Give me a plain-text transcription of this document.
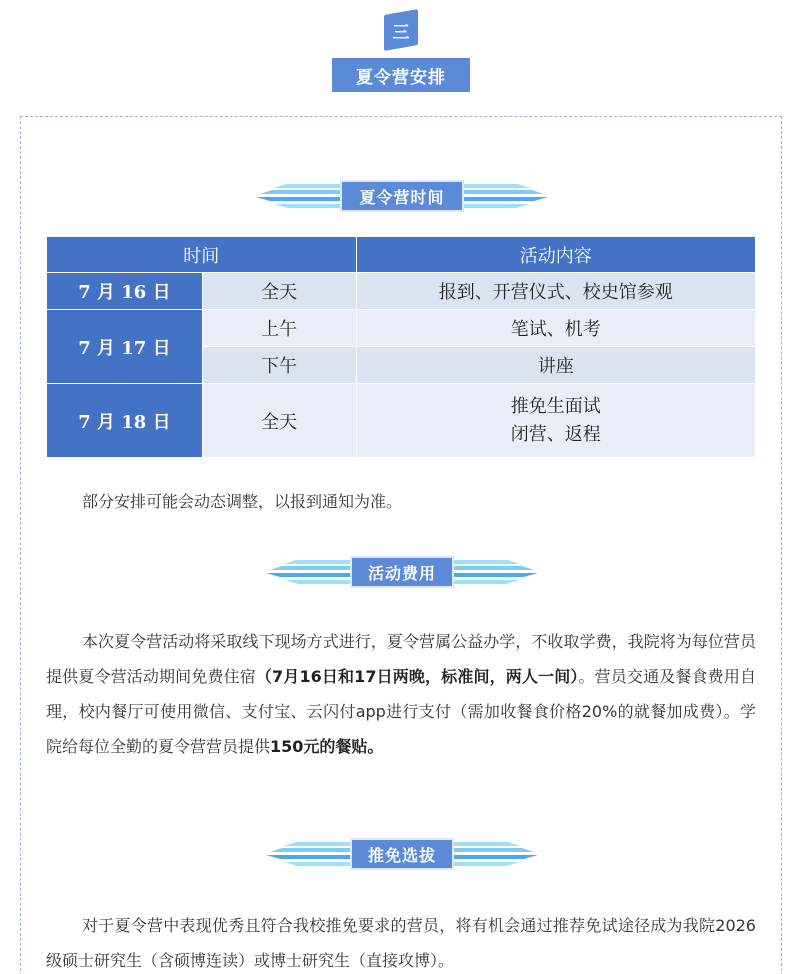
三
夏令营安排
夏令营时间
时间		活动内容
7 月 16 日	全天	报到、开营仪式、校史馆参观
7 月 17 日	上午	笔试、机考
	下午	讲座
7 月 18 日	全天	推免生面试
闭营、返程
部分安排可能会动态调整，以报到通知为准。
活动费用
本次夏令营活动将采取线下现场方式进行，夏令营属公益办学，不收取学费，我院将为每位营员提供夏令营活动期间免费住宿（7月16日和17日两晚，标准间，两人一间）。营员交通及餐食费用自理，校内餐厅可使用微信、支付宝、云闪付app进行支付（需加收餐食价格20%的就餐加成费）。学院给每位全勤的夏令营营员提供150元的餐贴。
推免选拔
对于夏令营中表现优秀且符合我校推免要求的营员，将有机会通过推荐免试途径成为我院2026级硕士研究生（含硕博连读）或博士研究生（直接攻博）。
